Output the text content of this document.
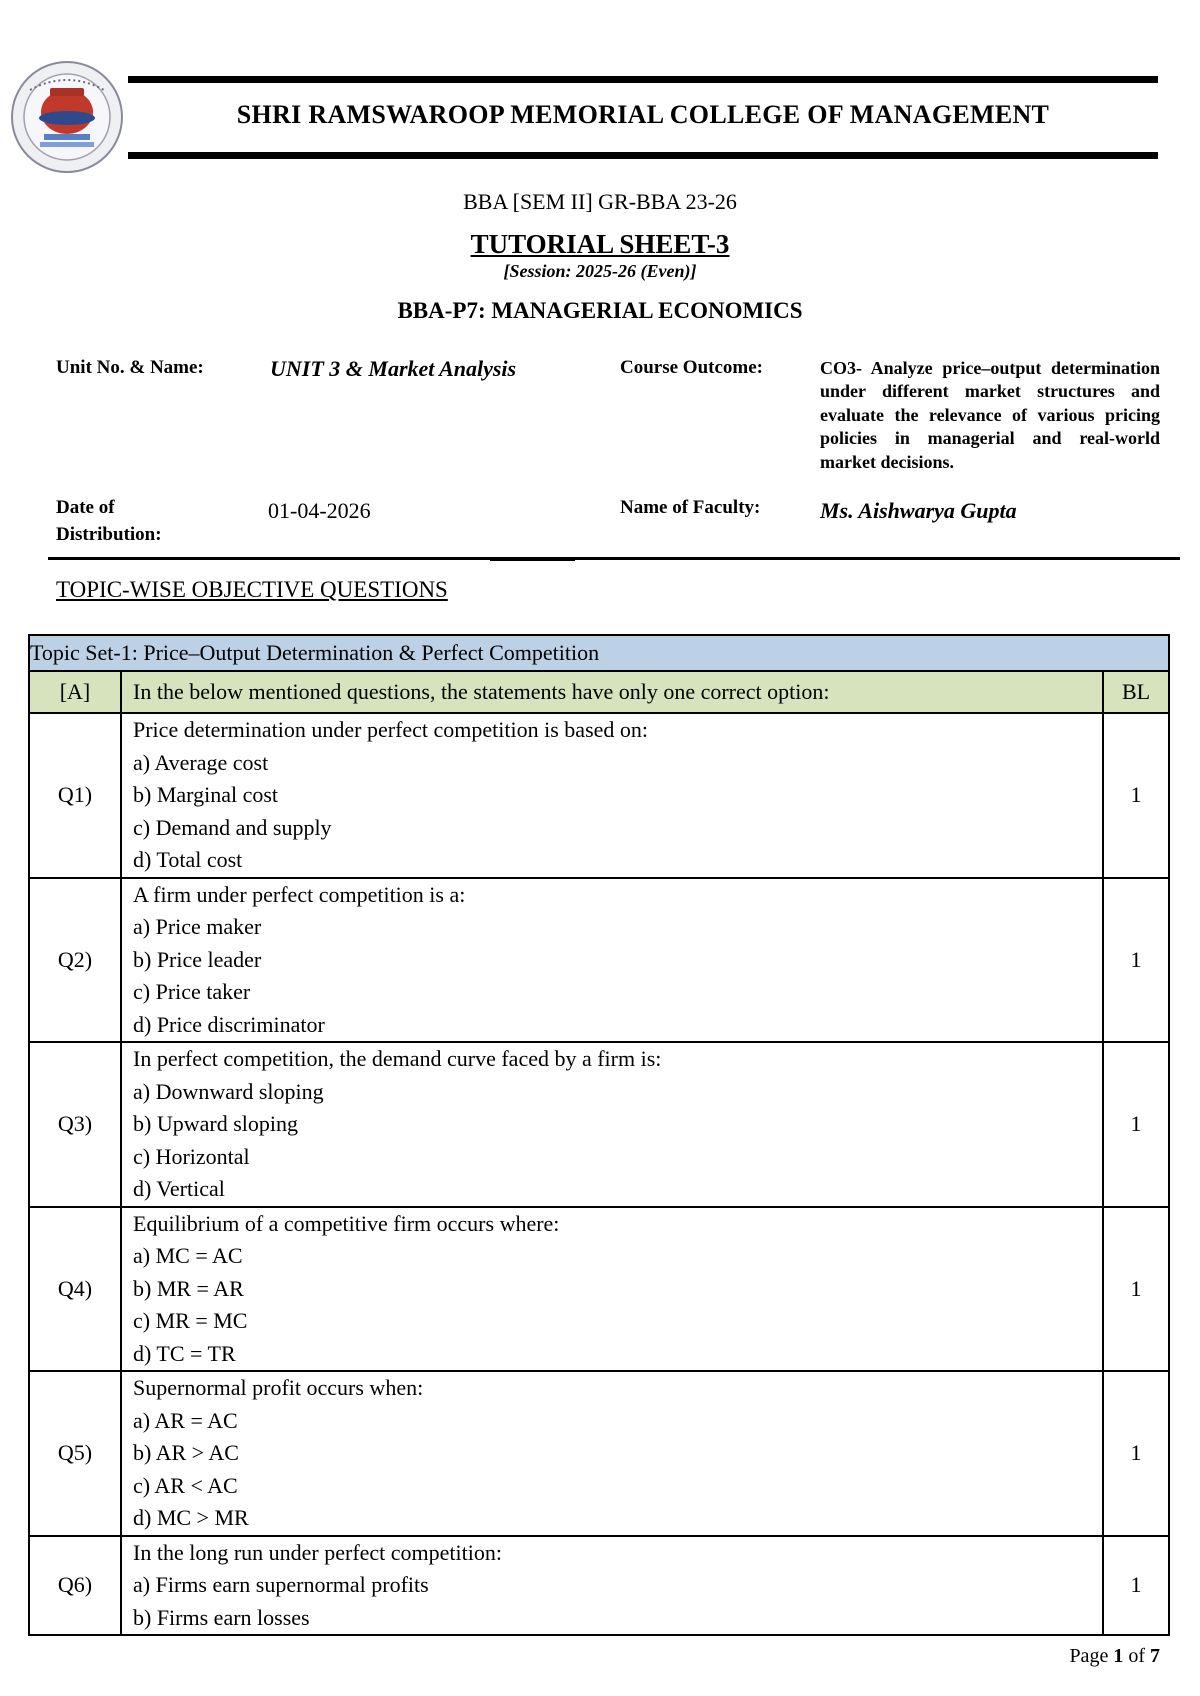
SHRI RAMSWAROOP MEMORIAL COLLEGE OF MANAGEMENT
BBA [SEM II] GR-BBA 23-26
TUTORIAL SHEET-3
[Session: 2025-26 (Even)]
BBA-P7: MANAGERIAL ECONOMICS
Unit No. & Name:	UNIT 3 & Market Analysis	Course Outcome:	CO3- Analyze price–output determination under different market structures and evaluate the relevance of various pricing policies in managerial and real-world market decisions.
Date of
Distribution:
01-04-2026	Name of Faculty:	Ms. Aishwarya Gupta
TOPIC-WISE OBJECTIVE QUESTIONS
Topic Set-1: Price–Output Determination & Perfect Competition		
[A]	In the below mentioned questions, the statements have only one correct option:	BL
Q1)	Price determination under perfect competition is based on:
a) Average cost
b) Marginal cost
c) Demand and supply
d) Total cost	1
Q2)	A firm under perfect competition is a:
a) Price maker
b) Price leader
c) Price taker
d) Price discriminator	1
Q3)	In perfect competition, the demand curve faced by a firm is:
a) Downward sloping
b) Upward sloping
c) Horizontal
d) Vertical	1
Q4)	Equilibrium of a competitive firm occurs where:
a) MC = AC
b) MR = AR
c) MR = MC
d) TC = TR	1
Q5)	Supernormal profit occurs when:
a) AR = AC
b) AR > AC
c) AR < AC
d) MC > MR	1
Q6)	In the long run under perfect competition:
a) Firms earn supernormal profits
b) Firms earn losses	1
Page 1 of 7
